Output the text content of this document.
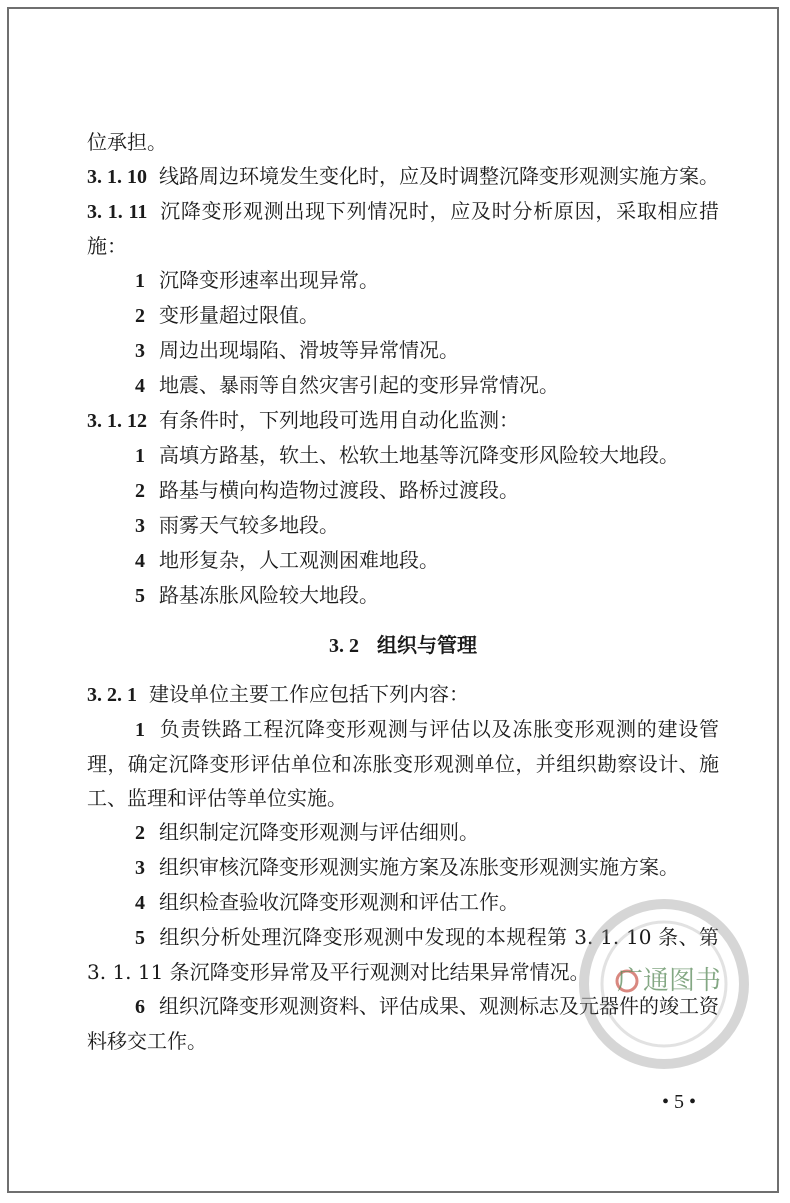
位承担。

3. 1. 10 线路周边环境发生变化时，应及时调整沉降变形观测实施方案。

3. 1. 11 沉降变形观测出现下列情况时，应及时分析原因，采取相应措施：

1 沉降变形速率出现异常。

2 变形量超过限值。

3 周边出现塌陷、滑坡等异常情况。

4 地震、暴雨等自然灾害引起的变形异常情况。

3. 1. 12 有条件时，下列地段可选用自动化监测：

1 高填方路基，软土、松软土地基等沉降变形风险较大地段。

2 路基与横向构造物过渡段、路桥过渡段。

3 雨雾天气较多地段。

4 地形复杂，人工观测困难地段。

5 路基冻胀风险较大地段。

3. 2 组织与管理

3. 2. 1 建设单位主要工作应包括下列内容：

1 负责铁路工程沉降变形观测与评估以及冻胀变形观测的建设管理，确定沉降变形评估单位和冻胀变形观测单位，并组织勘察设计、施工、监理和评估等单位实施。

2 组织制定沉降变形观测与评估细则。

3 组织审核沉降变形观测实施方案及冻胀变形观测实施方案。

4 组织检查验收沉降变形观测和评估工作。

5 组织分析处理沉降变形观测中发现的本规程第 3. 1. 10 条、第 3. 1. 11 条沉降变形异常及平行观测对比结果异常情况。

6 组织沉降变形观测资料、评估成果、观测标志及元器件的竣工资料移交工作。

广通图书
• 5 •
